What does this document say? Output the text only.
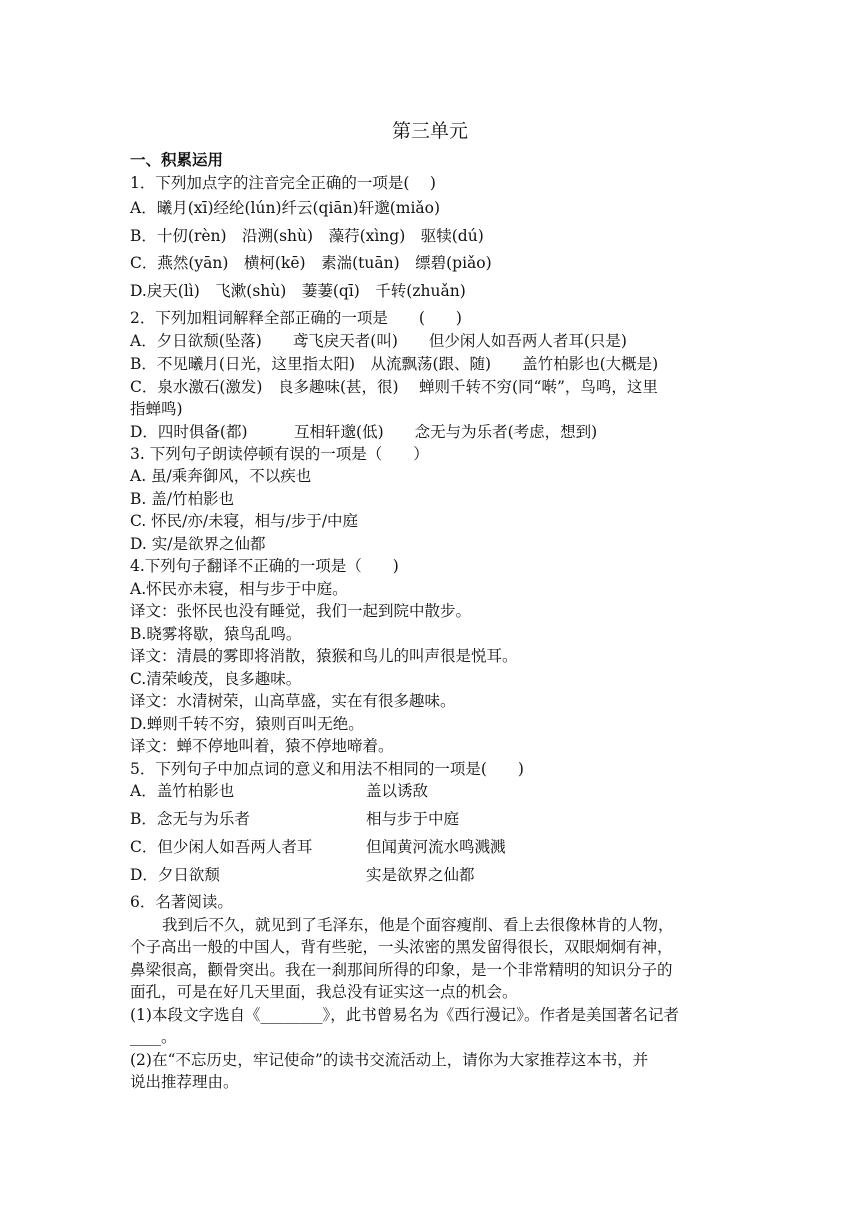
第三单元
一、积累运用
1．下列加点字的注音完全正确的一项是(　 )
A．曦月(xī)经纶(lún)纤云(qiān)轩邈(miǎo)
B．十仞(rèn)　沿溯(shù)　藻荇(xìng)　驱犊(dú)
C．燕然(yān)　横柯(kē)　素湍(tuān)　缥碧(piǎo)
D.戾天(lì)　飞漱(shù)　萋萋(qī)　千转(zhuǎn)
2．下列加粗词解释全部正确的一项是　　(　　)
A．夕日欲颓(坠落)　　鸢飞戾天者(叫)　　但少闲人如吾两人者耳(只是)
B．不见曦月(日光，这里指太阳)　从流飘荡(跟、随)　　盖竹柏影也(大概是)
C．泉水激石(激发)　良多趣味(甚，很)　 蝉则千转不穷(同“啭”，鸟鸣，这里
指蝉鸣)
D．四时俱备(都)　　　互相轩邈(低)　　念无与为乐者(考虑，想到)
3. 下列句子朗读停顿有误的一项是（　　）
A. 虽/乘奔御风，不以疾也
B. 盖/竹柏影也
C. 怀民/亦/未寝，相与/步于/中庭
D. 实/是欲界之仙都
4.下列句子翻译不正确的一项是（　　)
A.怀民亦未寝，相与步于中庭。
译文：张怀民也没有睡觉，我们一起到院中散步。
B.晓雾将歇，猿鸟乱鸣。
译文：清晨的雾即将消散，猿猴和鸟儿的叫声很是悦耳。
C.清荣峻茂，良多趣味。
译文：水清树荣，山高草盛，实在有很多趣味。
D.蝉则千转不穷，猿则百叫无绝。
译文：蝉不停地叫着，猿不停地啼着。
5．下列句子中加点词的意义和用法不相同的一项是(　　)
A．盖竹柏影也	盖以诱敌
B．念无与为乐者	相与步于中庭
C．但少闲人如吾两人者耳	但闻黄河流水鸣溅溅
D．夕日欲颓	实是欲界之仙都
6．名著阅读。
我到后不久，就见到了毛泽东，他是个面容瘦削、看上去很像林肯的人物，
个子高出一般的中国人，背有些驼，一头浓密的黑发留得很长，双眼炯炯有神，
鼻梁很高，颧骨突出。我在一刹那间所得的印象，是一个非常精明的知识分子的
面孔，可是在好几天里面，我总没有证实这一点的机会。
(1)本段文字选自《________》，此书曾易名为《西行漫记》。作者是美国著名记者
____。
(2)在“不忘历史，牢记使命”的读书交流活动上，请你为大家推荐这本书，并
说出推荐理由。
